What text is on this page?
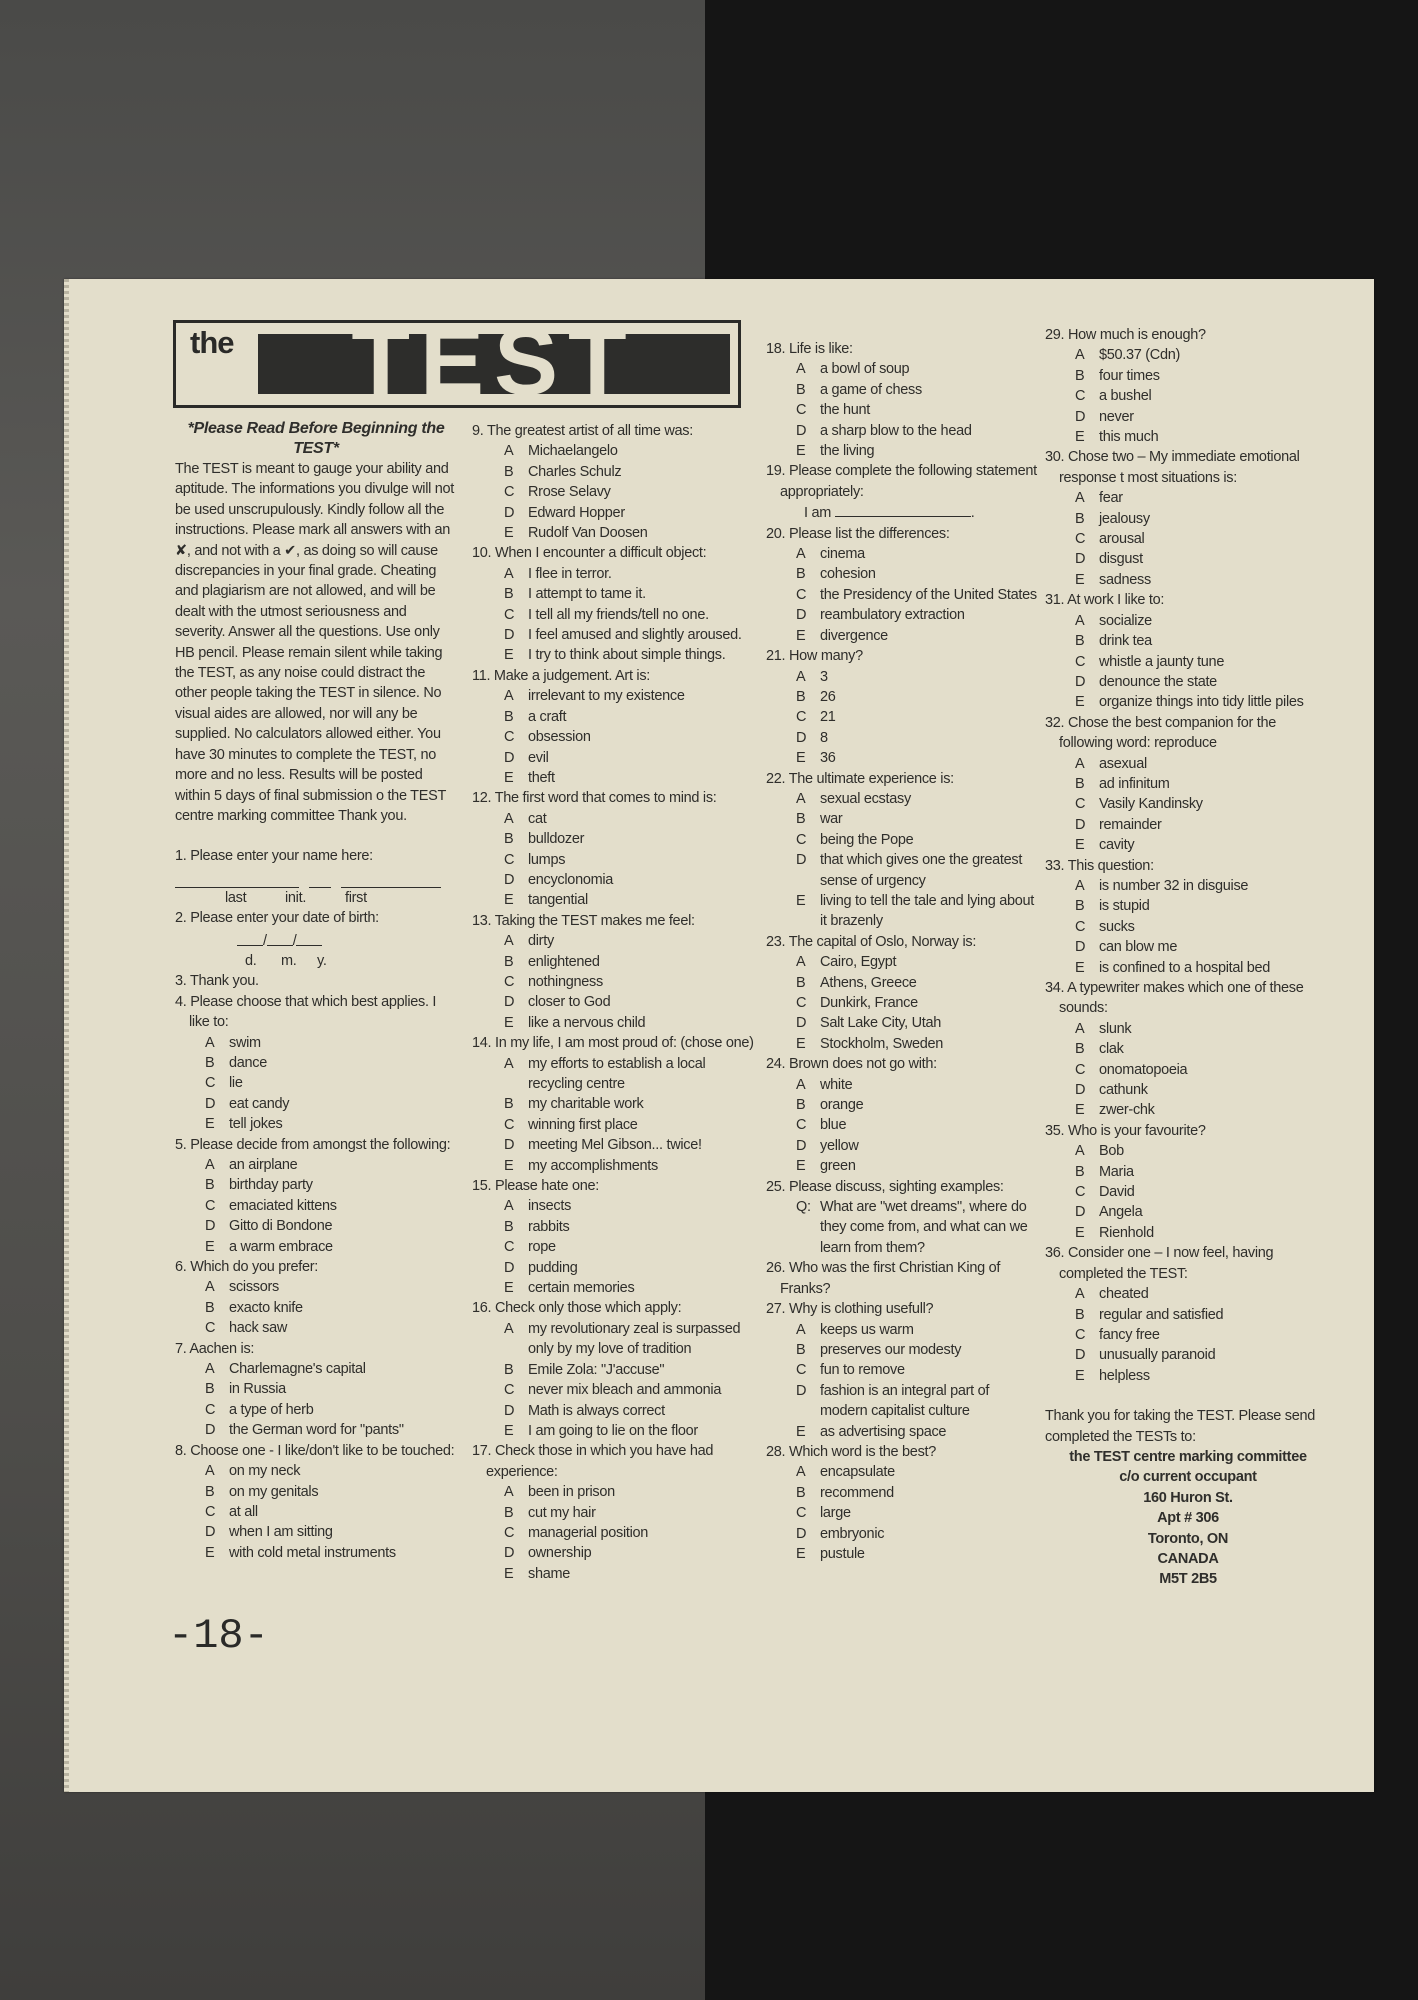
the	TEST

*Please Read Before Beginning the TEST*

The TEST is meant to gauge your ability and aptitude. The informations you divulge will not be used unscrupulously. Kindly follow all the instructions. Please mark all answers with an ✘, and not with a ✔, as doing so will cause discrepancies in your final grade. Cheating and plagiarism are not allowed, and will be dealt with the utmost seriousness and severity. Answer all the questions. Use only HB pencil. Please remain silent while taking the TEST, as any noise could distract the other people taking the TEST in silence. No visual aides are allowed, nor will any be supplied. No calculators allowed either. You have 30 minutes to complete the TEST, no more and no less. Results will be posted within 5 days of final submission o the TEST centre marking committee Thank you.

1. Please enter your name here:

last	init.	first

2. Please enter your date of birth:

/ /
d.	m.	y.

3. Thank you.

4. Please choose that which best applies. I like to:
A	swim
B	dance
C lie
D eat candy
E	tell jokes
5. Please decide from amongst the following:
A	an airplane
B	birthday party
C emaciated kittens
D Gitto di Bondone
E	a warm embrace
6. Which do you prefer:
A	scissors
B	exacto knife
C hack saw
7. Aachen is:
A	Charlemagne's capital
B	in Russia
C a type of herb
D the German word for "pants"
8. Choose one - I like/don't like to be touched:
A	on my neck
B	on my genitals
C at all
D when I am sitting
E	with cold metal instruments
9. The greatest artist of all time was:
A	Michaelangelo
B	Charles Schulz
C Rrose Selavy
D Edward Hopper
E	Rudolf Van Doosen
10. When I encounter a difficult object:
A	I flee in terror.
B	I attempt to tame it.
C I tell all my friends/tell no one.
D I feel amused and slightly aroused.
E	I try to think about simple things.
11. Make a judgement. Art is:
A	irrelevant to my existence
B	a craft
C obsession
D evil
E	theft
12. The first word that comes to mind is:
A	cat
B	bulldozer
C lumps
D encyclonomia
E	tangential
13. Taking the TEST makes me feel:
A	dirty
B	enlightened
C nothingness
D closer to God
E	like a nervous child
14. In my life, I am most proud of: (chose one)
A	my efforts to establish a local recycling centre
B	my charitable work
C winning first place
D meeting Mel Gibson... twice!
E	my accomplishments
15. Please hate one:
A	insects
B	rabbits
C rope
D pudding
E	certain memories
16. Check only those which apply:
A	my revolutionary zeal is surpassed only by my love of tradition
B	Emile Zola: "J'accuse"
C never mix bleach and ammonia
D Math is always correct
E	I am going to lie on the floor
17. Check those in which you have had experience:
A	been in prison
B	cut my hair
C managerial position
D ownership
E	shame
18. Life is like:
A	a bowl of soup
B	a game of chess
C the hunt
D a sharp blow to the head
E	the living

19. Please complete the following statement appropriately:

I am	.
20. Please list the differences:
A	cinema
B	cohesion
C the Presidency of the United States
D reambulatory extraction
E	divergence
21. How many?
A	3
B	26
C 21
D 8
E	36
22. The ultimate experience is:
A	sexual ecstasy
B	war
C being the Pope
D that which gives one the greatest sense of urgency
E	living to tell the tale and lying about it brazenly
23. The capital of Oslo, Norway is:
A	Cairo, Egypt
B	Athens, Greece
C Dunkirk, France
D Salt Lake City, Utah
E	Stockholm, Sweden
24. Brown does not go with:
A	white
B	orange
C blue
D yellow
E	green
25. Please discuss, sighting examples:
Q: What are "wet dreams", where do they come from, and what can we learn from them?
26. Who was the first Christian King of Franks?
27. Why is clothing usefull?
A	keeps us warm
B	preserves our modesty
C fun to remove
D fashion is an integral part of modern capitalist culture
E	as advertising space
28. Which word is the best?
A	encapsulate
B	recommend
C large
D embryonic
E	pustule
29. How much is enough?
A	$50.37 (Cdn)
B	four times
C a bushel
D never
E	this much
30. Chose two – My immediate emotional response t most situations is:
A	fear
B	jealousy
C arousal
D disgust
E	sadness
31. At work I like to:
A	socialize
B	drink tea
C whistle a jaunty tune
D denounce the state
E	organize things into tidy little piles
32. Chose the best companion for the following word: reproduce
A	asexual
B	ad infinitum
C Vasily Kandinsky
D remainder
E	cavity
33. This question:
A	is number 32 in disguise
B	is stupid
C sucks
D can blow me
E	is confined to a hospital bed
34. A typewriter makes which one of these sounds:
A	slunk
B	clak
C onomatopoeia
D cathunk
E	zwer-chk
35. Who is your favourite?
A	Bob
B	Maria
C David
D Angela
E	Rienhold
36. Consider one – I now feel, having completed the TEST:
A	cheated
B	regular and satisfied
C fancy free
D unusually paranoid
E	helpless

Thank you for taking the TEST. Please send completed the TESTs to:

the TEST centre marking committee

c/o current occupant

160 Huron St.

Apt # 306

Toronto, ON

CANADA

M5T 2B5

-18-
